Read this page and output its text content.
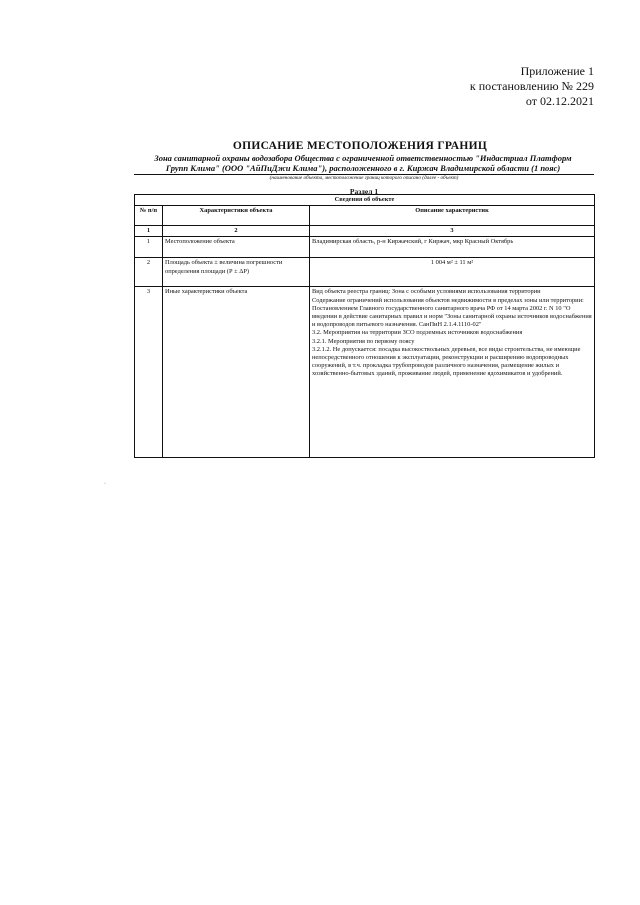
Приложение 1
к постановлению № 229
от 02.12.2021
ОПИСАНИЕ МЕСТОПОЛОЖЕНИЯ ГРАНИЦ
Зона санитарной охраны водозабора Общества с ограниченной ответственностью "Индастриал Платформ
Групп Клима" (ООО "АйПиДжи Клима"), расположенного в г. Киржач Владимирской области (1 пояс)
(наименование объекта, местоположение границ которого описано (далее - объект)
Раздел 1
Сведения об объекте		
№ п/п	Характеристики объекта	Описание характеристик
1	2	3
1	Местоположение объекта	Владимирская область, р-н Киржачский, г Киржач, мкр Красный Октябрь
2	Площадь объекта ± величина погрешности определения площади (Р ± ΔР)	1 004 м² ± 11 м²
3	Иные характеристики объекта	Вид объекта реестра границ: Зона с особыми условиями использования территории
Содержание ограничений использования объектов недвижимости в пределах зоны или территории: Постановлением Главного государственного санитарного врача РФ от 14 марта 2002 г. N 10 "О введении в действие санитарных правил и норм "Зоны санитарной охраны источников водоснабжения и водопроводов питьевого назначения. СанПиН 2.1.4.1110-02"
3.2. Мероприятия на территории ЗСО подземных источников водоснабжения
3.2.1. Мероприятия по первому поясу
3.2.1.2. Не допускается: посадка высокоствольных деревьев, все виды строительства, не имеющие непосредственного отношения к эксплуатации, реконструкции и расширению водопроводных сооружений, в т.ч. прокладка трубопроводов различного назначения, размещение жилых и хозяйственно-бытовых зданий, проживание людей, применение ядохимикатов и удобрений.
·
